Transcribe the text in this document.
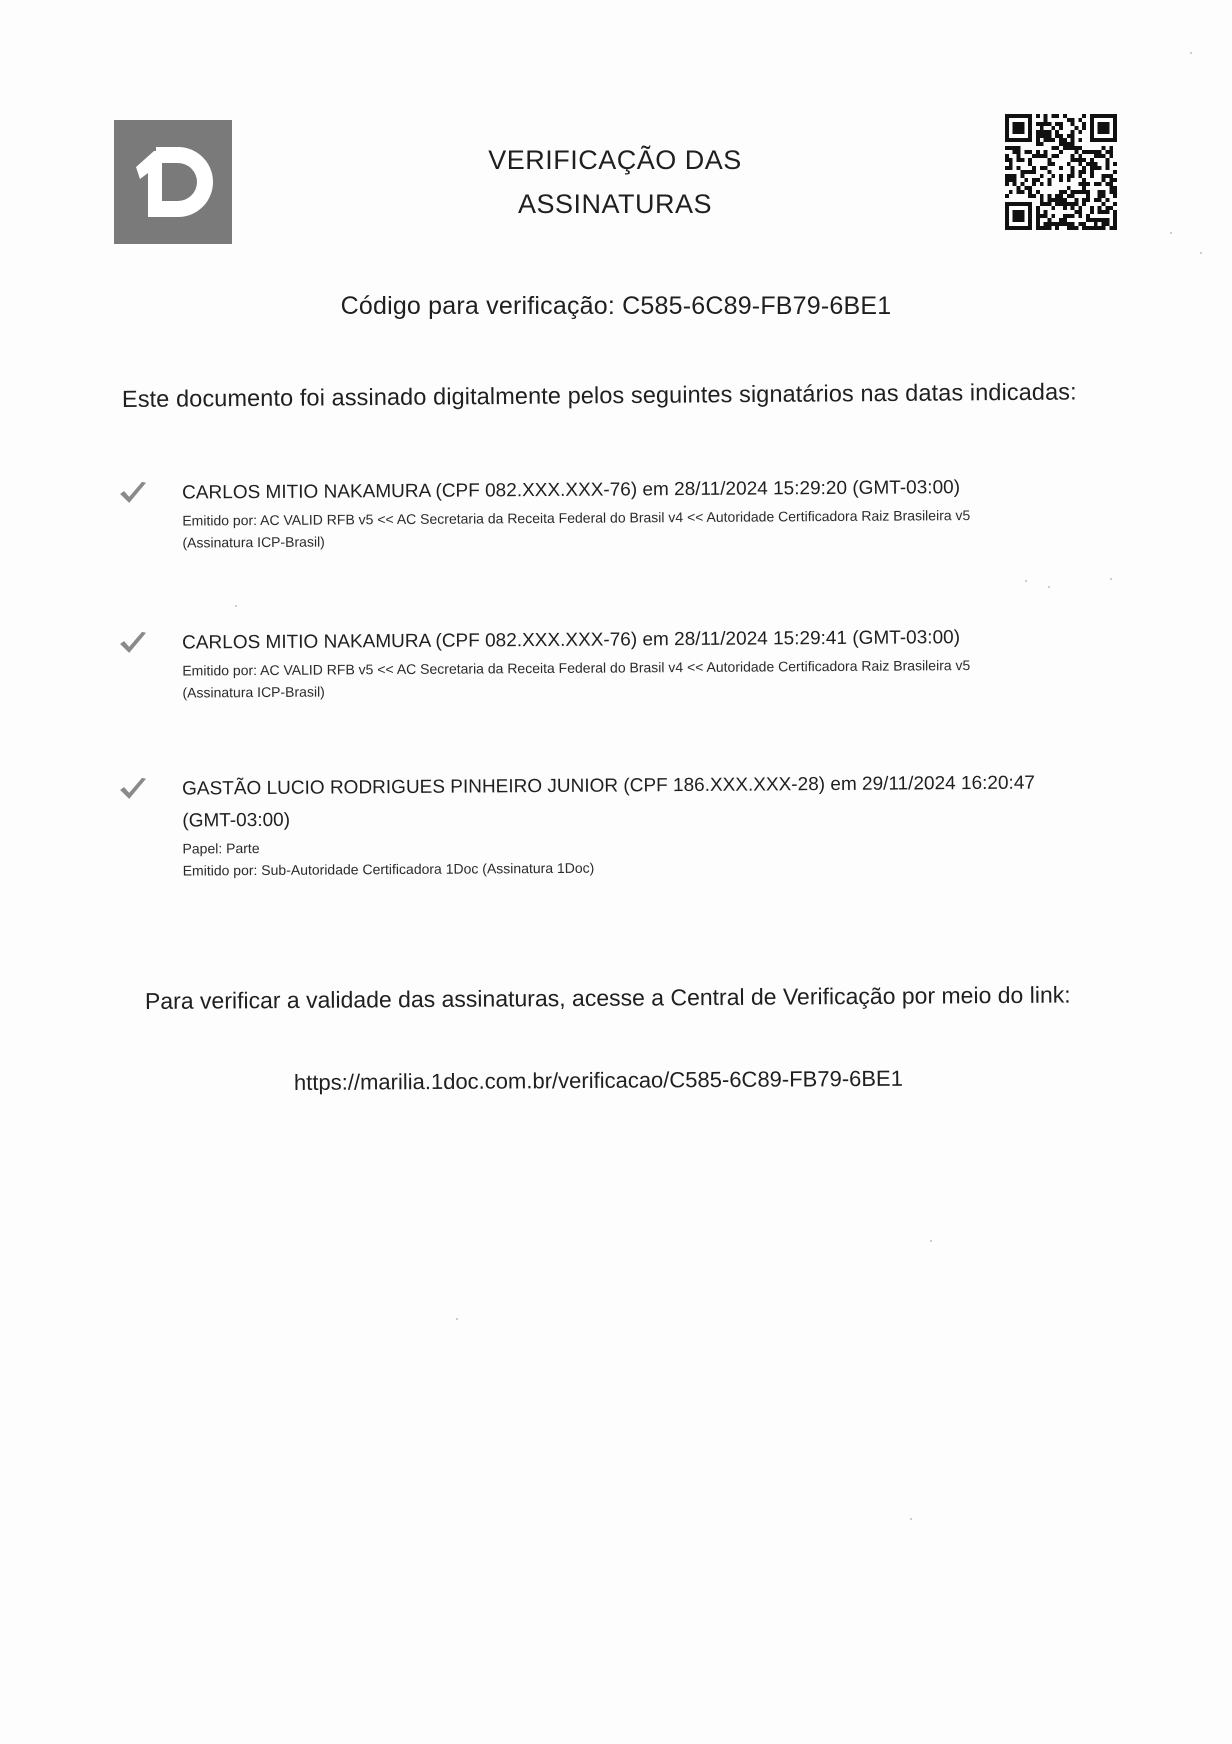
VERIFICAÇÃO DAS
ASSINATURAS
Código para verificação: C585-6C89-FB79-6BE1
Este documento foi assinado digitalmente pelos seguintes signatários nas datas indicadas:
CARLOS MITIO NAKAMURA (CPF 082.XXX.XXX-76) em 28/11/2024 15:29:20 (GMT-03:00)
Emitido por: AC VALID RFB v5 << AC Secretaria da Receita Federal do Brasil v4 << Autoridade Certificadora Raiz Brasileira v5
(Assinatura ICP-Brasil)
CARLOS MITIO NAKAMURA (CPF 082.XXX.XXX-76) em 28/11/2024 15:29:41 (GMT-03:00)
Emitido por: AC VALID RFB v5 << AC Secretaria da Receita Federal do Brasil v4 << Autoridade Certificadora Raiz Brasileira v5
(Assinatura ICP-Brasil)
GASTÃO LUCIO RODRIGUES PINHEIRO JUNIOR (CPF 186.XXX.XXX-28) em 29/11/2024 16:20:47
(GMT-03:00)
Papel: Parte
Emitido por: Sub-Autoridade Certificadora 1Doc (Assinatura 1Doc)
Para verificar a validade das assinaturas, acesse a Central de Verificação por meio do link:
https://marilia.1doc.com.br/verificacao/C585-6C89-FB79-6BE1
